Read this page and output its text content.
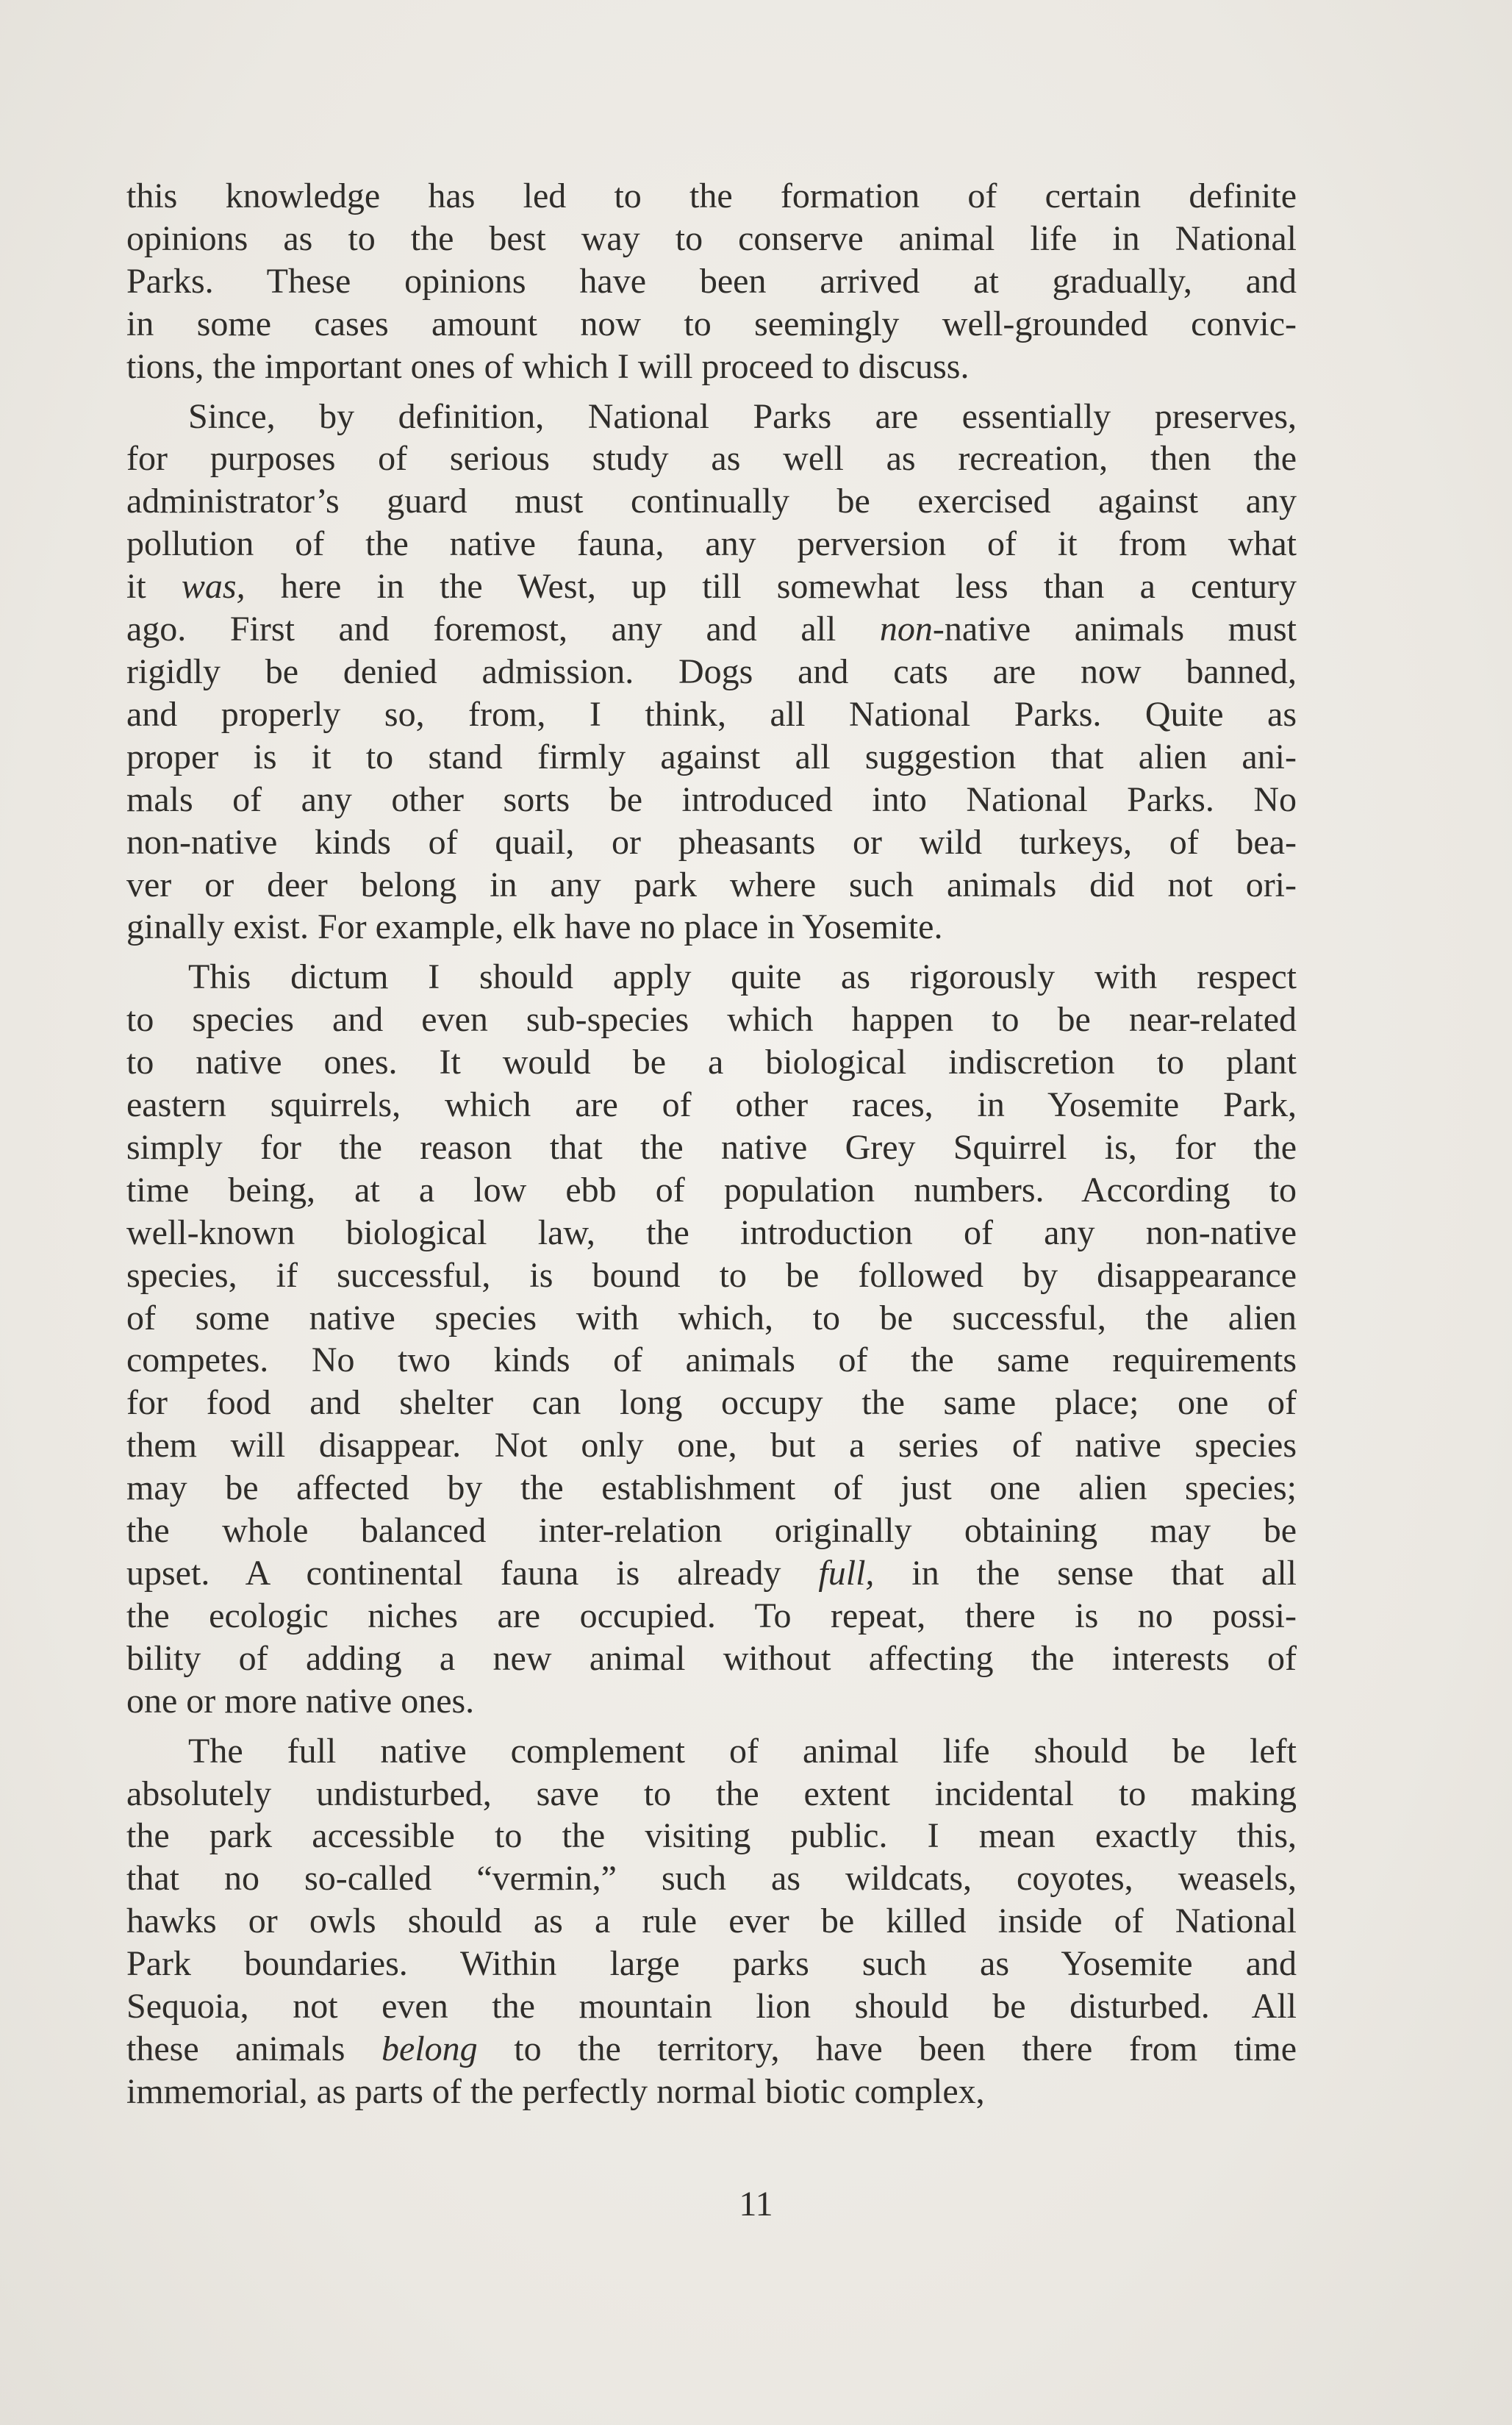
this knowledge has led to the formation of certain definite
opinions as to the best way to conserve animal life in National
Parks. These opinions have been arrived at gradually, and
in some cases amount now to seemingly well-grounded convic-
tions, the important ones of which I will proceed to discuss.

Since, by definition, National Parks are essentially preserves,
for purposes of serious study as well as recreation, then the
administrator’s guard must continually be exercised against any
pollution of the native fauna, any perversion of it from what
it was, here in the West, up till somewhat less than a century
ago. First and foremost, any and all non-native animals must
rigidly be denied admission. Dogs and cats are now banned,
and properly so, from, I think, all National Parks. Quite as
proper is it to stand firmly against all suggestion that alien ani-
mals of any other sorts be introduced into National Parks. No
non-native kinds of quail, or pheasants or wild turkeys, of bea-
ver or deer belong in any park where such animals did not ori-
ginally exist. For example, elk have no place in Yosemite.

This dictum I should apply quite as rigorously with respect
to species and even sub-species which happen to be near-related
to native ones. It would be a biological indiscretion to plant
eastern squirrels, which are of other races, in Yosemite Park,
simply for the reason that the native Grey Squirrel is, for the
time being, at a low ebb of population numbers. According to
well-known biological law, the introduction of any non-native
species, if successful, is bound to be followed by disappearance
of some native species with which, to be successful, the alien
competes. No two kinds of animals of the same requirements
for food and shelter can long occupy the same place; one of
them will disappear. Not only one, but a series of native species
may be affected by the establishment of just one alien species;
the whole balanced inter-relation originally obtaining may be
upset. A continental fauna is already full, in the sense that all
the ecologic niches are occupied. To repeat, there is no possi-
bility of adding a new animal without affecting the interests of
one or more native ones.

The full native complement of animal life should be left
absolutely undisturbed, save to the extent incidental to making
the park accessible to the visiting public. I mean exactly this,
that no so-called “vermin,” such as wildcats, coyotes, weasels,
hawks or owls should as a rule ever be killed inside of National
Park boundaries. Within large parks such as Yosemite and
Sequoia, not even the mountain lion should be disturbed. All
these animals belong to the territory, have been there from time
immemorial, as parts of the perfectly normal biotic complex,

11
